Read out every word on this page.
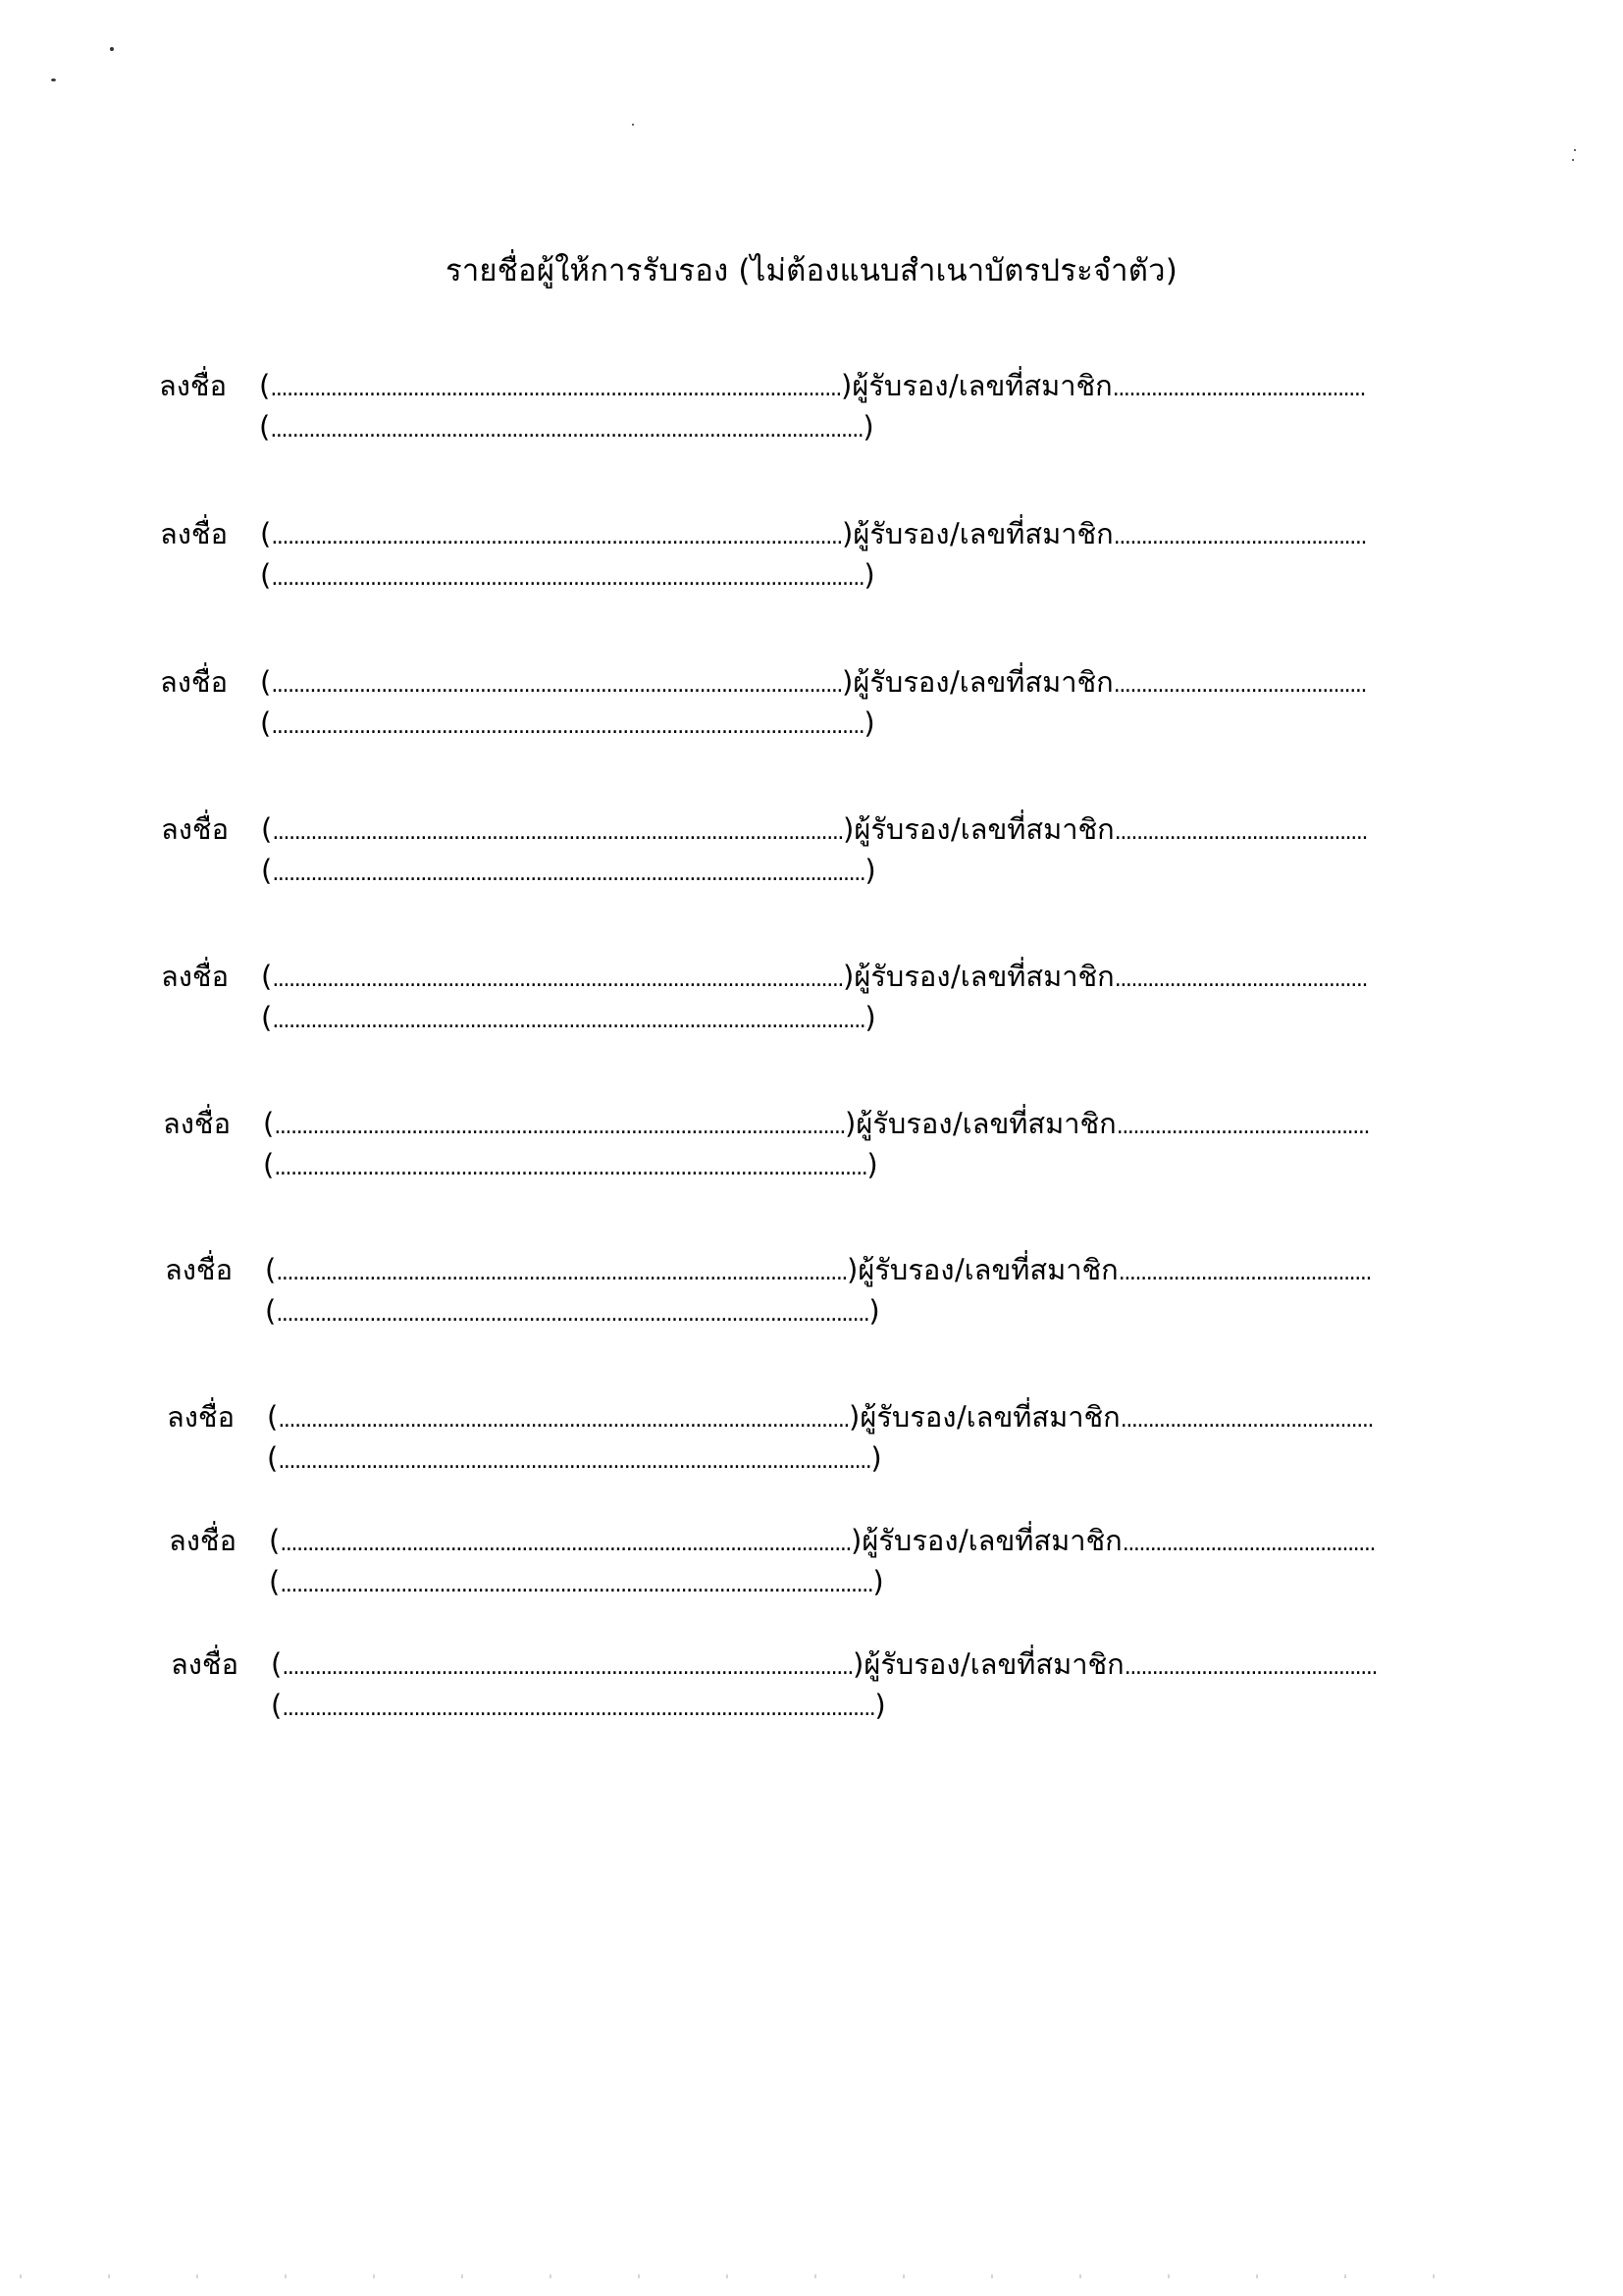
รายชื่อผู้ให้การรับรอง (ไม่ต้องแนบสำเนาบัตรประจำตัว)
ลงชื่อ (........................................................................................................)ผู้รับรอง /เลขที่สมาชิก..............................................
(............................................................................................................)
ลงชื่อ (........................................................................................................)ผู้รับรอง /เลขที่สมาชิก..............................................
(............................................................................................................)
ลงชื่อ (........................................................................................................)ผู้รับรอง /เลขที่สมาชิก..............................................
(............................................................................................................)
ลงชื่อ (........................................................................................................)ผู้รับรอง /เลขที่สมาชิก..............................................
(............................................................................................................)
ลงชื่อ (........................................................................................................)ผู้รับรอง /เลขที่สมาชิก..............................................
(............................................................................................................)
ลงชื่อ (........................................................................................................)ผู้รับรอง /เลขที่สมาชิก..............................................
(............................................................................................................)
ลงชื่อ (........................................................................................................)ผู้รับรอง /เลขที่สมาชิก..............................................
(............................................................................................................)
ลงชื่อ (........................................................................................................)ผู้รับรอง /เลขที่สมาชิก..............................................
(............................................................................................................)
ลงชื่อ (........................................................................................................)ผู้รับรอง /เลขที่สมาชิก..............................................
(............................................................................................................)
ลงชื่อ (........................................................................................................)ผู้รับรอง /เลขที่สมาชิก..............................................
(............................................................................................................)
